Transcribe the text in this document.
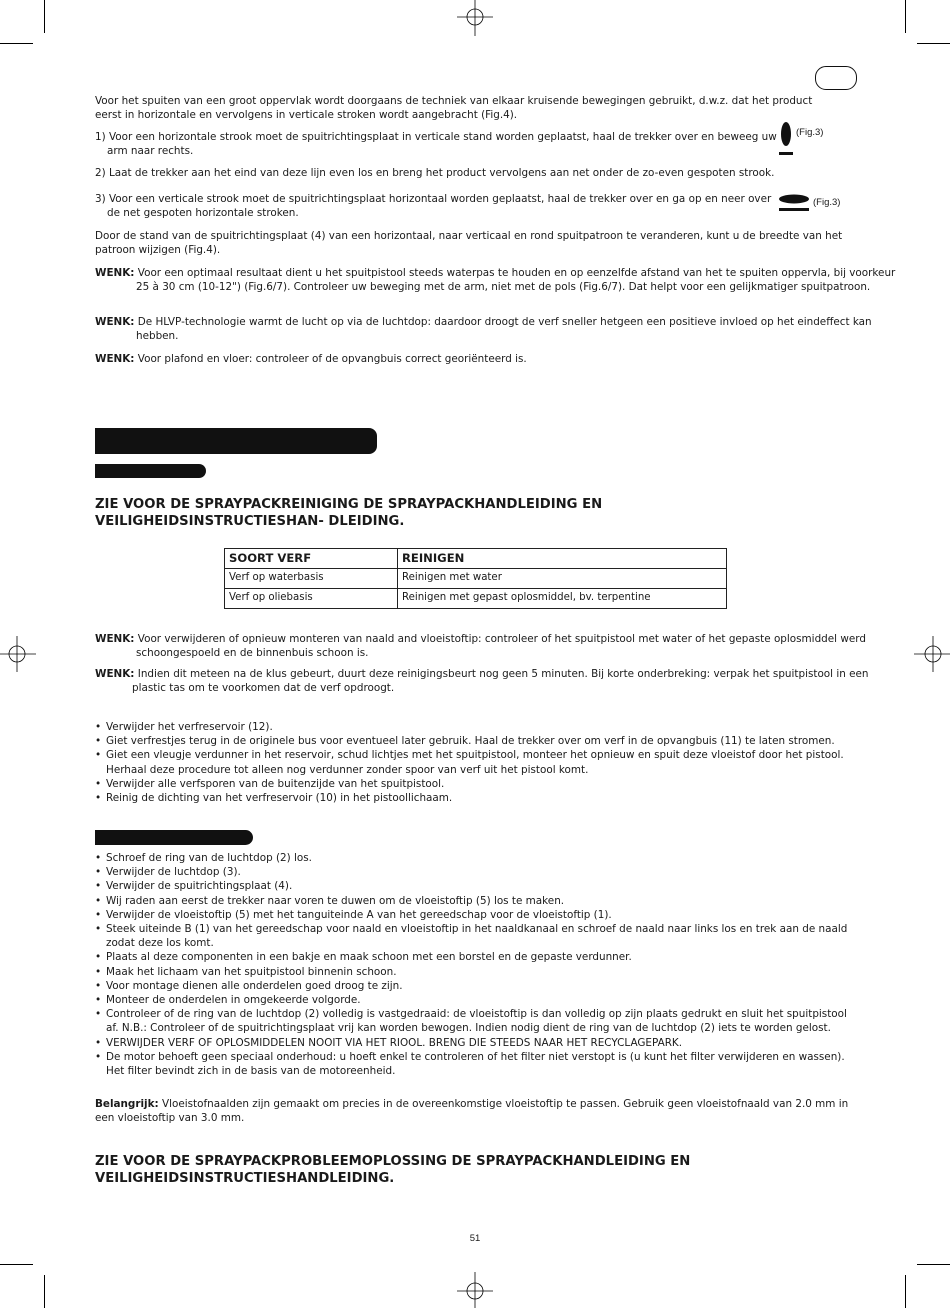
Voor het spuiten van een groot oppervlak wordt doorgaans de techniek van elkaar kruisende bewegingen gebruikt, d.w.z. dat het product eerst in horizontale en vervolgens in verticale stroken wordt aangebracht (Fig.4).

1) Voor een horizontale strook moet de spuitrichtingsplaat in verticale stand worden geplaatst, haal de trekker over en beweeg uw arm naar rechts.

(Fig.3)

2) Laat de trekker aan het eind van deze lijn even los en breng het product vervolgens aan net onder de zo-even gespoten strook.

3) Voor een verticale strook moet de spuitrichtingsplaat horizontaal worden geplaatst, haal de trekker over en ga op en neer over de net gespoten horizontale stroken.

(Fig.3)

Door de stand van de spuitrichtingsplaat (4) van een horizontaal, naar verticaal en rond spuitpatroon te veranderen, kunt u de breedte van het patroon wijzigen (Fig.4).

WENK: Voor een optimaal resultaat dient u het spuitpistool steeds waterpas te houden en op eenzelfde afstand van het te spuiten oppervla, bij voorkeur 25 à 30 cm (10-12") (Fig.6/7). Controleer uw beweging met de arm, niet met de pols (Fig.6/7). Dat helpt voor een gelijkmatiger spuitpatroon.

WENK: De HLVP-technologie warmt de lucht op via de luchtdop: daardoor droogt de verf sneller hetgeen een positieve invloed op het eindeffect kan hebben.

WENK: Voor plafond en vloer: controleer of de opvangbuis correct georiënteerd is.

ZIE VOOR DE SPRAYPACKREINIGING DE SPRAYPACKHANDLEIDING EN VEILIGHEIDSINSTRUCTIESHAN- DLEIDING.

SOORT VERF	REINIGEN
Verf op waterbasis	Reinigen met water
Verf op oliebasis	Reinigen met gepast oplosmiddel, bv. terpentine

WENK: Voor verwijderen of opnieuw monteren van naald and vloeistoftip: controleer of het spuitpistool met water of het gepaste oplosmiddel werd schoongespoeld en de binnenbuis schoon is.

WENK: Indien dit meteen na de klus gebeurt, duurt deze reinigingsbeurt nog geen 5 minuten. Bij korte onderbreking: verpak het spuitpistool in een plastic tas om te voorkomen dat de verf opdroogt.

• Verwijder het verfreservoir (12).
• Giet verfrestjes terug in de originele bus voor eventueel later gebruik. Haal de trekker over om verf in de opvangbuis (11) te laten stromen.
• Giet een vleugje verdunner in het reservoir, schud lichtjes met het spuitpistool, monteer het opnieuw en spuit deze vloeistof door het pistool. Herhaal deze procedure tot alleen nog verdunner zonder spoor van verf uit het pistool komt.
• Verwijder alle verfsporen van de buitenzijde van het spuitpistool.
• Reinig de dichting van het verfreservoir (10) in het pistoollichaam.
• Schroef de ring van de luchtdop (2) los.
• Verwijder de luchtdop (3).
• Verwijder de spuitrichtingsplaat (4).
• Wij raden aan eerst de trekker naar voren te duwen om de vloeistoftip (5) los te maken.
• Verwijder de vloeistoftip (5) met het tanguiteinde A van het gereedschap voor de vloeistoftip (1).
• Steek uiteinde B (1) van het gereedschap voor naald en vloeistoftip in het naaldkanaal en schroef de naald naar links los en trek aan de naald zodat deze los komt.
• Plaats al deze componenten in een bakje en maak schoon met een borstel en de gepaste verdunner.
• Maak het lichaam van het spuitpistool binnenin schoon.
• Voor montage dienen alle onderdelen goed droog te zijn.
• Monteer de onderdelen in omgekeerde volgorde.
• Controleer of de ring van de luchtdop (2) volledig is vastgedraaid: de vloeistoftip is dan volledig op zijn plaats gedrukt en sluit het spuitpistool af. N.B.: Controleer of de spuitrichtingsplaat vrij kan worden bewogen. Indien nodig dient de ring van de luchtdop (2) iets te worden gelost.
• VERWIJDER VERF OF OPLOSMIDDELEN NOOIT VIA HET RIOOL. BRENG DIE STEEDS NAAR HET RECYCLAGEPARK.
• De motor behoeft geen speciaal onderhoud: u hoeft enkel te controleren of het filter niet verstopt is (u kunt het filter verwijderen en wassen). Het filter bevindt zich in de basis van de motoreenheid.

Belangrijk: Vloeistofnaalden zijn gemaakt om precies in de overeenkomstige vloeistoftip te passen. Gebruik geen vloeistofnaald van 2.0 mm in een vloeistoftip van 3.0 mm.

ZIE VOOR DE SPRAYPACKPROBLEEMOPLOSSING DE SPRAYPACKHANDLEIDING EN VEILIGHEIDSINSTRUCTIESHANDLEIDING.

51
